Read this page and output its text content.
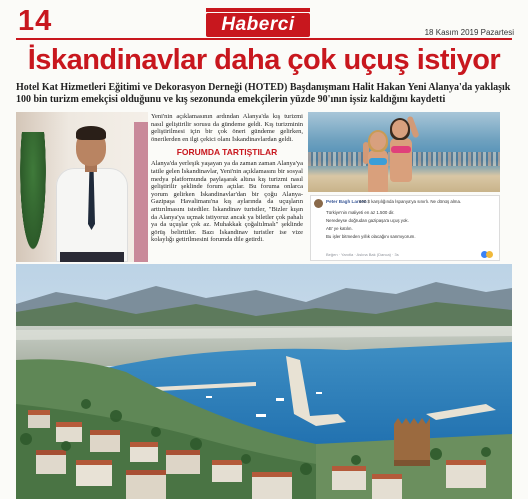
14	Haberci	18 Kasım 2019 Pazartesi
İskandinavlar daha çok uçuş istiyor
Hotel Kat Hizmetleri Eğitimi ve Dekorasyon Derneği (HOTED) Başdanışmanı Halit Hakan Yeni Alanya'da yaklaşık 100 bin turizm emekçisi olduğunu ve kış sezonunda emekçilerin yüzde 90'ının işsiz kaldığını kaydetti

Yeni'nin açıklamasının ardından Alanya'da kış turizmi nasıl geliştirilir sorusu da gündeme geldi. Kış turizminin geliştirilmesi için bir çok öneri gündeme gelirken, önerilerden en ilgi çekici olanı İskandinavlardan geldi.

FORUMDA TARTIŞTILAR

Alanya'da yerleşik yaşayan ya da zaman zaman Alanya'ya tatile gelen İskandinavlar, Yeni'nin açıklamasını bir sosyal medya platformunda paylaşarak altına kış turizmi nasıl geliştirilir şeklinde forum açtılar. Bu foruma onlarca yorum gelirken İskandinavlar'dan bir çoğu Alanya-Gazipaşa Havalimanı'na kış aylarında da uçuşların arttırılmasını istediler. İskandinav turistler, "Bizler kışın da Alanya'ya uçmak istiyoruz ancak ya biletler çok pahalı ya da uçuşlar çok az. Muhakkak çoğaltılmalı" şeklinde görüş belirttiler. Bazı İskandinav turistler ise vize kolaylığı getirilmesini forumda dile getirdi.

Peter Bagh Larsen
600 $ karşılığında İspanya'ya sınırlı. Ne dönüş alma.
Türkiye'nin maliyeti en az 1.500 dir.
Neredeyse doğrudan gazipaşa'a uçuş yok.
AB' ye katılın.
Bu işler bitmeden yıllık olacağını sanmıyorum.
Beğen · Yanıtla · Aslına Bak (Danca) · 3s
